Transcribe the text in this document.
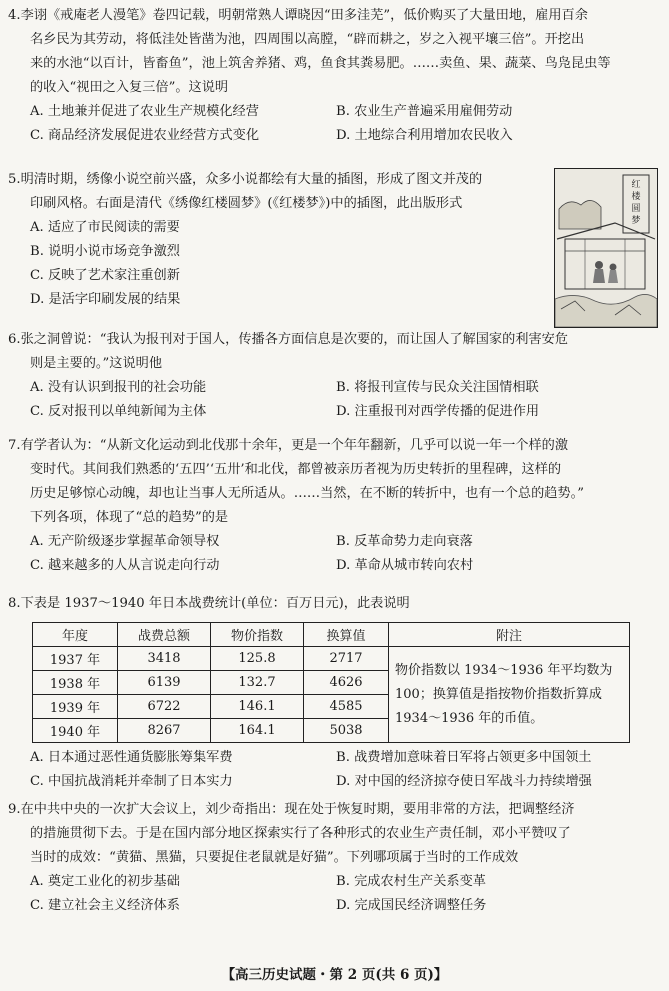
4.李诩《戒庵老人漫笔》卷四记载，明朝常熟人谭晓因“田多洼芜”，低价购买了大量田地，雇用百余
名乡民为其劳动，将低洼处皆凿为池，四周围以高膛，“辟而耕之，岁之入视平壤三倍”。开挖出
来的水池“以百计，皆畜鱼”，池上筑舍养猪、鸡，鱼食其粪易肥。……卖鱼、果、蔬菜、鸟凫昆虫等
的收入“视田之入复三倍”。这说明
A. 土地兼并促进了农业生产规模化经营	B. 农业生产普遍采用雇佣劳动
C. 商品经济发展促进农业经营方式变化	D. 土地综合利用增加农民收入
5.明清时期，绣像小说空前兴盛，众多小说都绘有大量的插图，形成了图文并茂的
印刷风格。右面是清代《绣像红楼圆梦》(《红楼梦》)中的插图，此出版形式
A. 适应了市民阅读的需要
B. 说明小说市场竞争激烈
C. 反映了艺术家注重创新
D. 是活字印刷发展的结果
红
楼
圆
梦
6.张之洞曾说：“我认为报刊对于国人，传播各方面信息是次要的，而让国人了解国家的利害安危
则是主要的。”这说明他
A. 没有认识到报刊的社会功能	B. 将报刊宣传与民众关注国情相联
C. 反对报刊以单纯新闻为主体	D. 注重报刊对西学传播的促进作用
7.有学者认为：“从新文化运动到北伐那十余年，更是一个年年翻新，几乎可以说一年一个样的激
变时代。其间我们熟悉的‘五四’‘五卅’和北伐，都曾被亲历者视为历史转折的里程碑，这样的
历史足够惊心动魄，却也让当事人无所适从。……当然，在不断的转折中，也有一个总的趋势。”
下列各项，体现了“总的趋势”的是
A. 无产阶级逐步掌握革命领导权	B. 反革命势力走向衰落
C. 越来越多的人从言说走向行动	D. 革命从城市转向农村
8.下表是 1937～1940 年日本战费统计(单位：百万日元)，此表说明
年度	战费总额	物价指数	换算值	附注
1937 年	3418	125.8	2717	物价指数以 1934～1936 年平均数为
100；换算值是指按物价指数折算成
1934～1936 年的币值。

1938 年	6139	132.7	4626	
1939 年	6722	146.1	4585	
1940 年	8267	164.1	5038	
A. 日本通过恶性通货膨胀筹集军费	B. 战费增加意味着日军将占领更多中国领土
C. 中国抗战消耗并牵制了日本实力	D. 对中国的经济掠夺使日军战斗力持续增强
9.在中共中央的一次扩大会议上，刘少奇指出：现在处于恢复时期，要用非常的方法，把调整经济
的措施贯彻下去。于是在国内部分地区探索实行了各种形式的农业生产责任制，邓小平赞叹了
当时的成效：“黄猫、黑猫，只要捉住老鼠就是好猫”。下列哪项属于当时的工作成效
A. 奠定工业化的初步基础	B. 完成农村生产关系变革
C. 建立社会主义经济体系	D. 完成国民经济调整任务
【高三历史试题・第 2 页(共 6 页)】
